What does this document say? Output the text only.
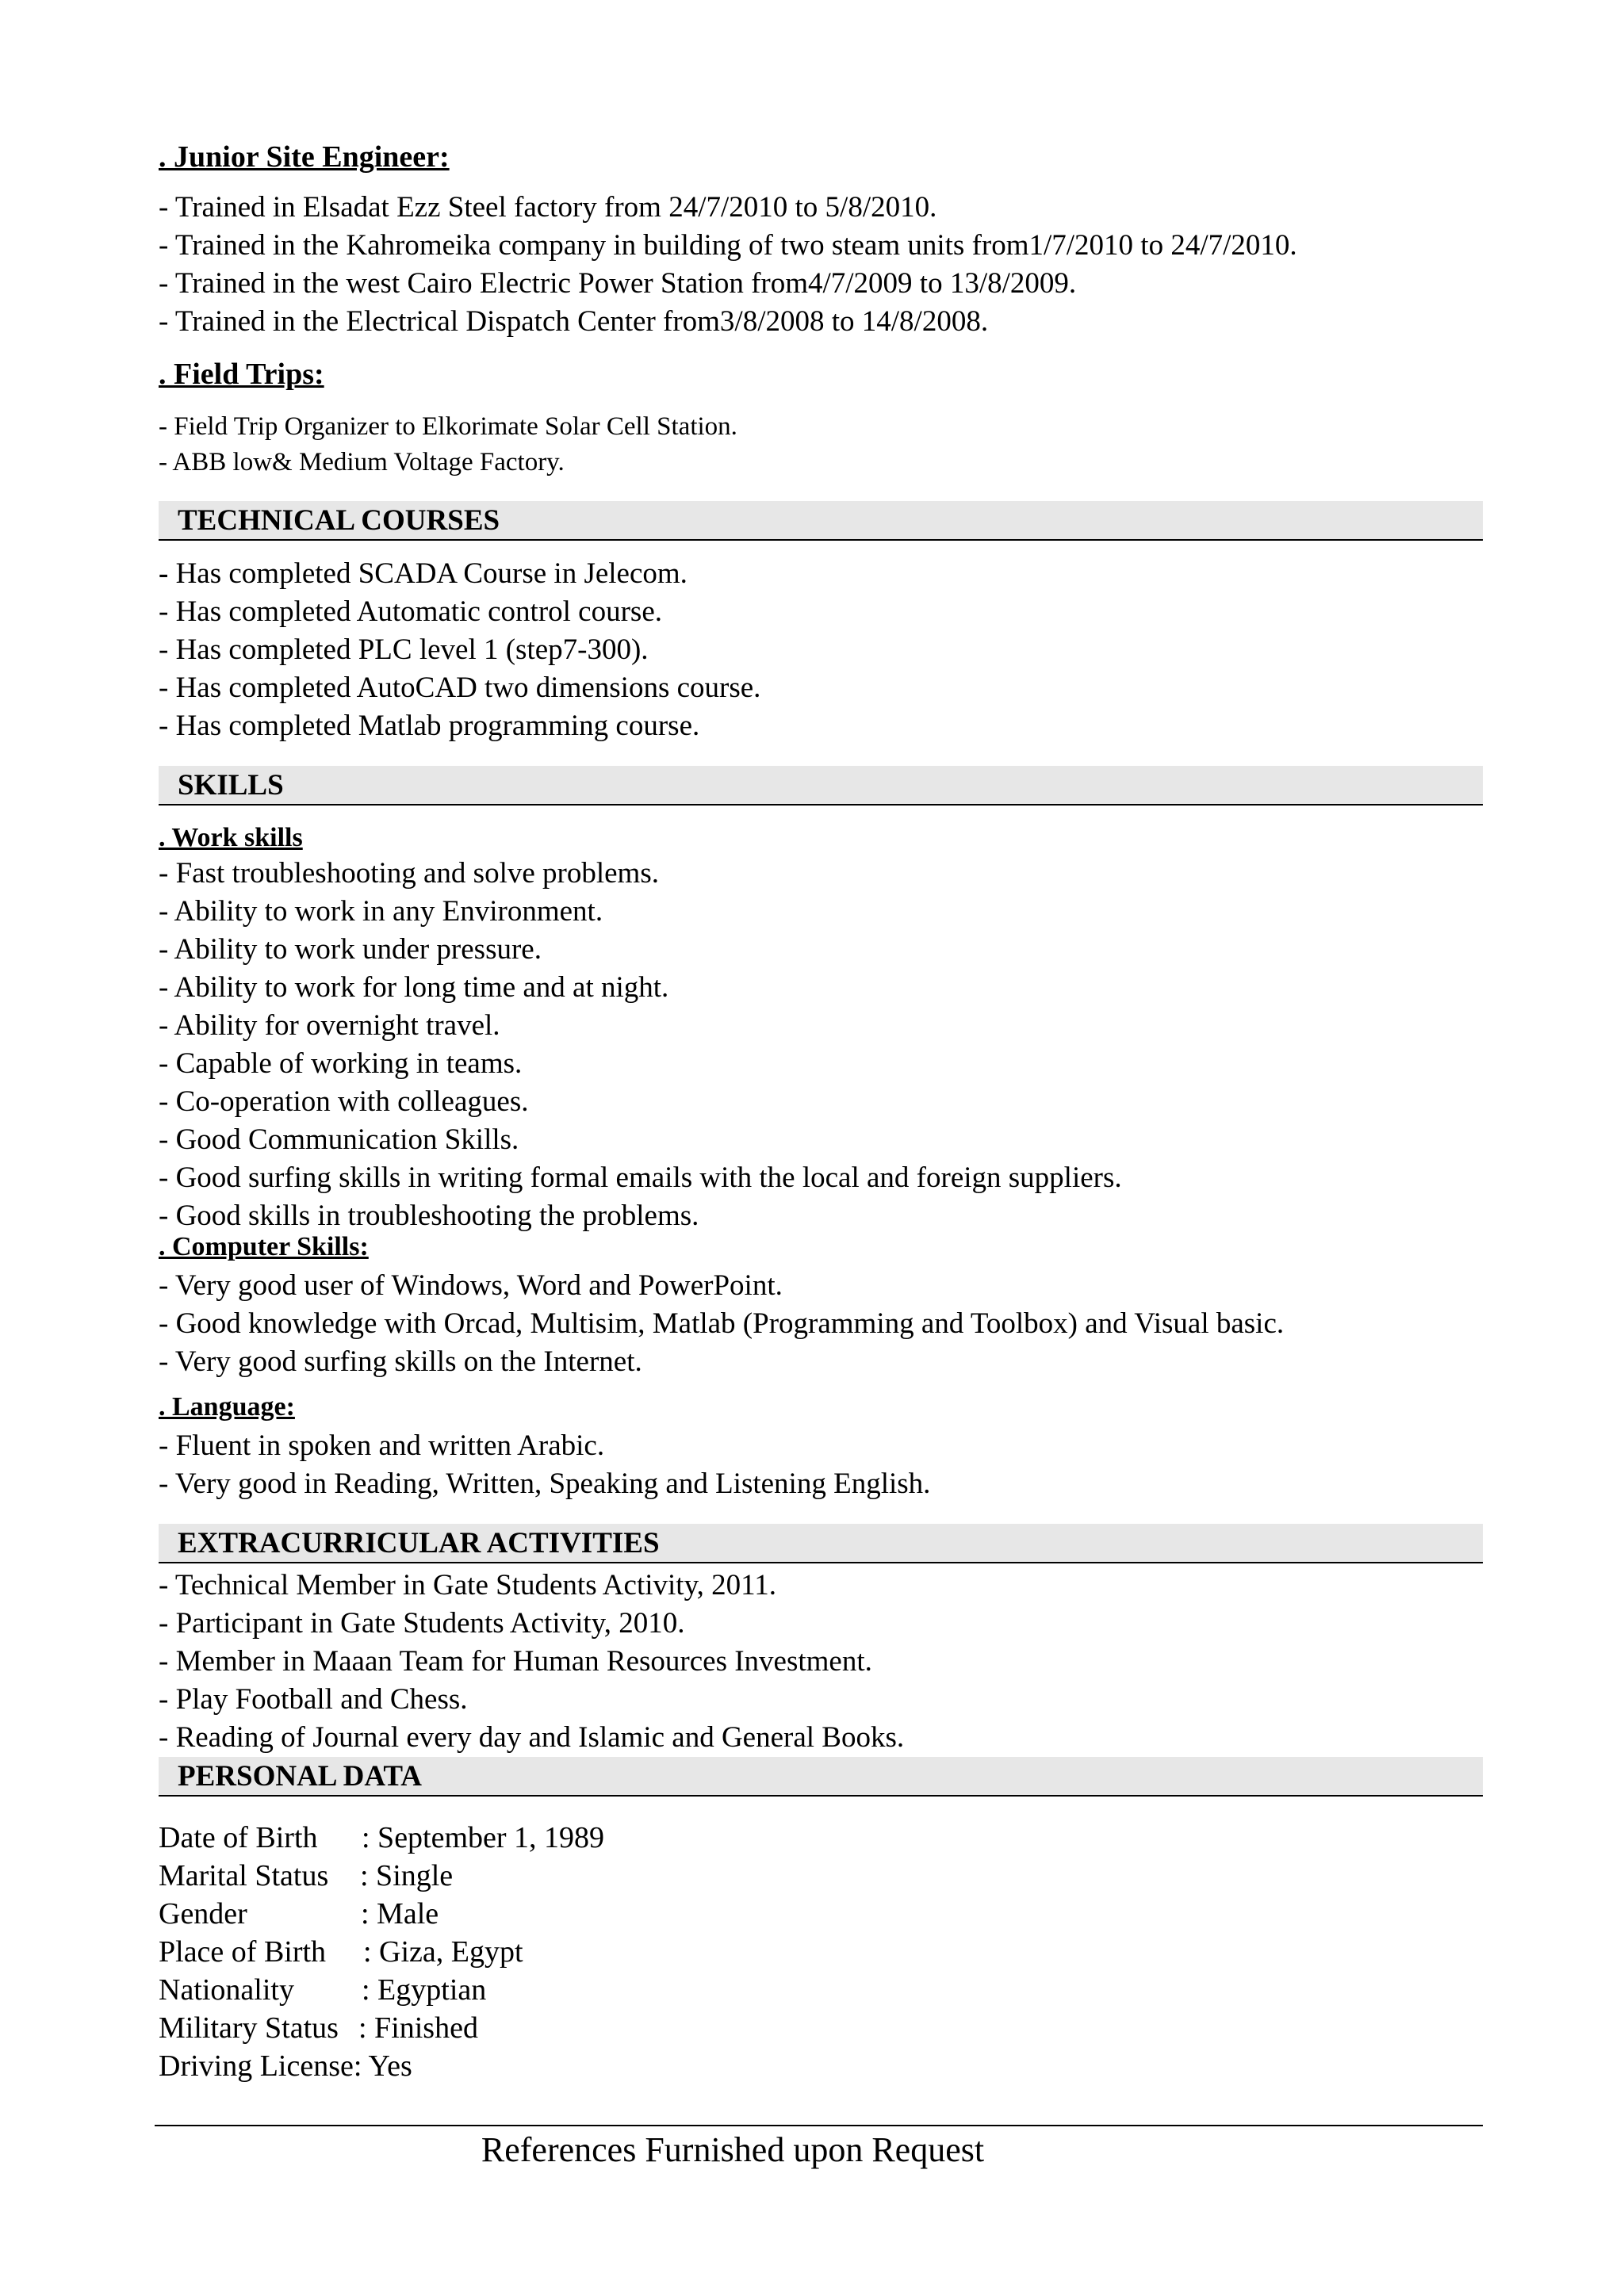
. Junior Site Engineer:
- Trained in Elsadat Ezz Steel factory from 24/7/2010 to 5/8/2010.
- Trained in the Kahromeika company in building of two steam units from1/7/2010 to 24/7/2010.
- Trained in the west Cairo Electric Power Station from4/7/2009 to 13/8/2009.
- Trained in the Electrical Dispatch Center from3/8/2008 to 14/8/2008.
. Field Trips:
- Field Trip Organizer to Elkorimate Solar Cell Station.
- ABB low& Medium Voltage Factory.
TECHNICAL COURSES
- Has completed SCADA Course in Jelecom.
- Has completed Automatic control course.
- Has completed PLC level 1 (step7-300).
- Has completed AutoCAD two dimensions course.
- Has completed Matlab programming course.
SKILLS
. Work skills
- Fast troubleshooting and solve problems.
- Ability to work in any Environment.
- Ability to work under pressure.
- Ability to work for long time and at night.
- Ability for overnight travel.
- Capable of working in teams.
- Co-operation with colleagues.
- Good Communication Skills.
- Good surfing skills in writing formal emails with the local and foreign suppliers.
- Good skills in troubleshooting the problems.
. Computer Skills:
- Very good user of Windows, Word and PowerPoint.
- Good knowledge with Orcad, Multisim, Matlab (Programming and Toolbox) and Visual basic.
- Very good surfing skills on the Internet.
. Language:
- Fluent in spoken and written Arabic.
- Very good in Reading, Written, Speaking and Listening English.
EXTRACURRICULAR ACTIVITIES
- Technical Member in Gate Students Activity, 2011.
- Participant in Gate Students Activity, 2010.
- Member in Maaan Team for Human Resources Investment.
- Play Football and Chess.
- Reading of Journal every day and Islamic and General Books.
PERSONAL DATA
Date of Birth : September 1, 1989
Marital Status : Single
Gender	: Male
Place of Birth : Giza, Egypt
Nationality : Egyptian
Military Status : Finished
Driving License : Yes
References Furnished upon Request
